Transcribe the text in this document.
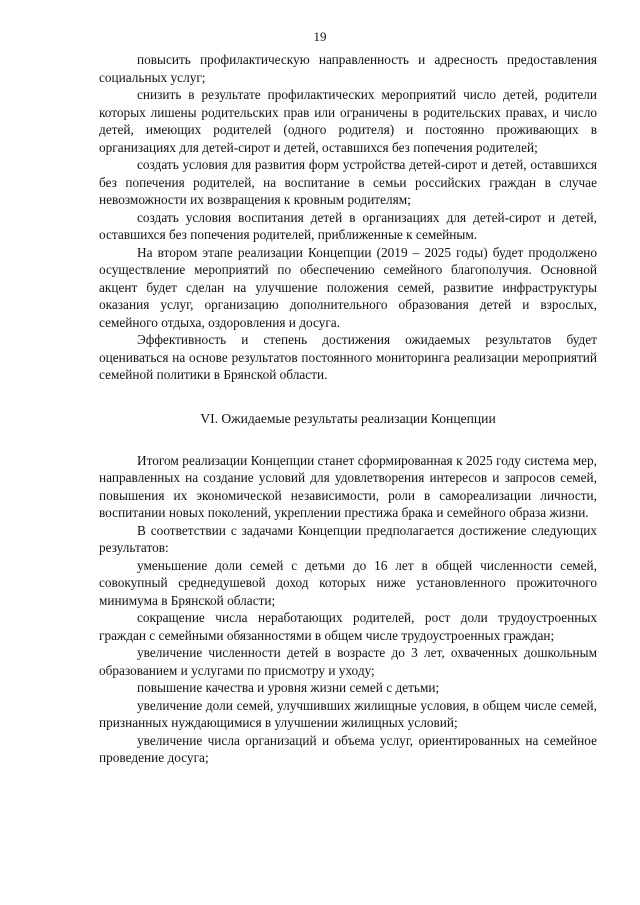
19

повысить профилактическую направленность и адресность предоставления социальных услуг;

снизить в результате профилактических мероприятий число детей, родители которых лишены родительских прав или ограничены в родительских правах, и число детей, имеющих родителей (одного родителя) и постоянно проживающих в организациях для детей-сирот и детей, оставшихся без попечения родителей;

создать условия для развития форм устройства детей-сирот и детей, оставшихся без попечения родителей, на воспитание в семьи российских граждан в случае невозможности их возвращения к кровным родителям;

создать условия воспитания детей в организациях для детей-сирот и детей, оставшихся без попечения родителей, приближенные к семейным.

На втором этапе реализации Концепции (2019 – 2025 годы) будет продолжено осуществление мероприятий по обеспечению семейного благополучия. Основной акцент будет сделан на улучшение положения семей, развитие инфраструктуры оказания услуг, организацию дополнительного образования детей и взрослых, семейного отдыха, оздоровления и досуга.

Эффективность и степень достижения ожидаемых результатов будет оцениваться на основе результатов постоянного мониторинга реализации мероприятий семейной политики в Брянской области.

VI. Ожидаемые результаты реализации Концепции

Итогом реализации Концепции станет сформированная к 2025 году система мер, направленных на создание условий для удовлетворения интересов и запросов семей, повышения их экономической независимости, роли в самореализации личности, воспитании новых поколений, укреплении престижа брака и семейного образа жизни.

В соответствии с задачами Концепции предполагается достижение следующих результатов:

уменьшение доли семей с детьми до 16 лет в общей численности семей, совокупный среднедушевой доход которых ниже установленного прожиточного минимума в Брянской области;

сокращение числа неработающих родителей, рост доли трудоустроенных граждан с семейными обязанностями в общем числе трудоустроенных граждан;

увеличение численности детей в возрасте до 3 лет, охваченных дошкольным образованием и услугами по присмотру и уходу;

повышение качества и уровня жизни семей с детьми;

увеличение доли семей, улучшивших жилищные условия, в общем числе семей, признанных нуждающимися в улучшении жилищных условий;

увеличение числа организаций и объема услуг, ориентированных на семейное проведение досуга;
